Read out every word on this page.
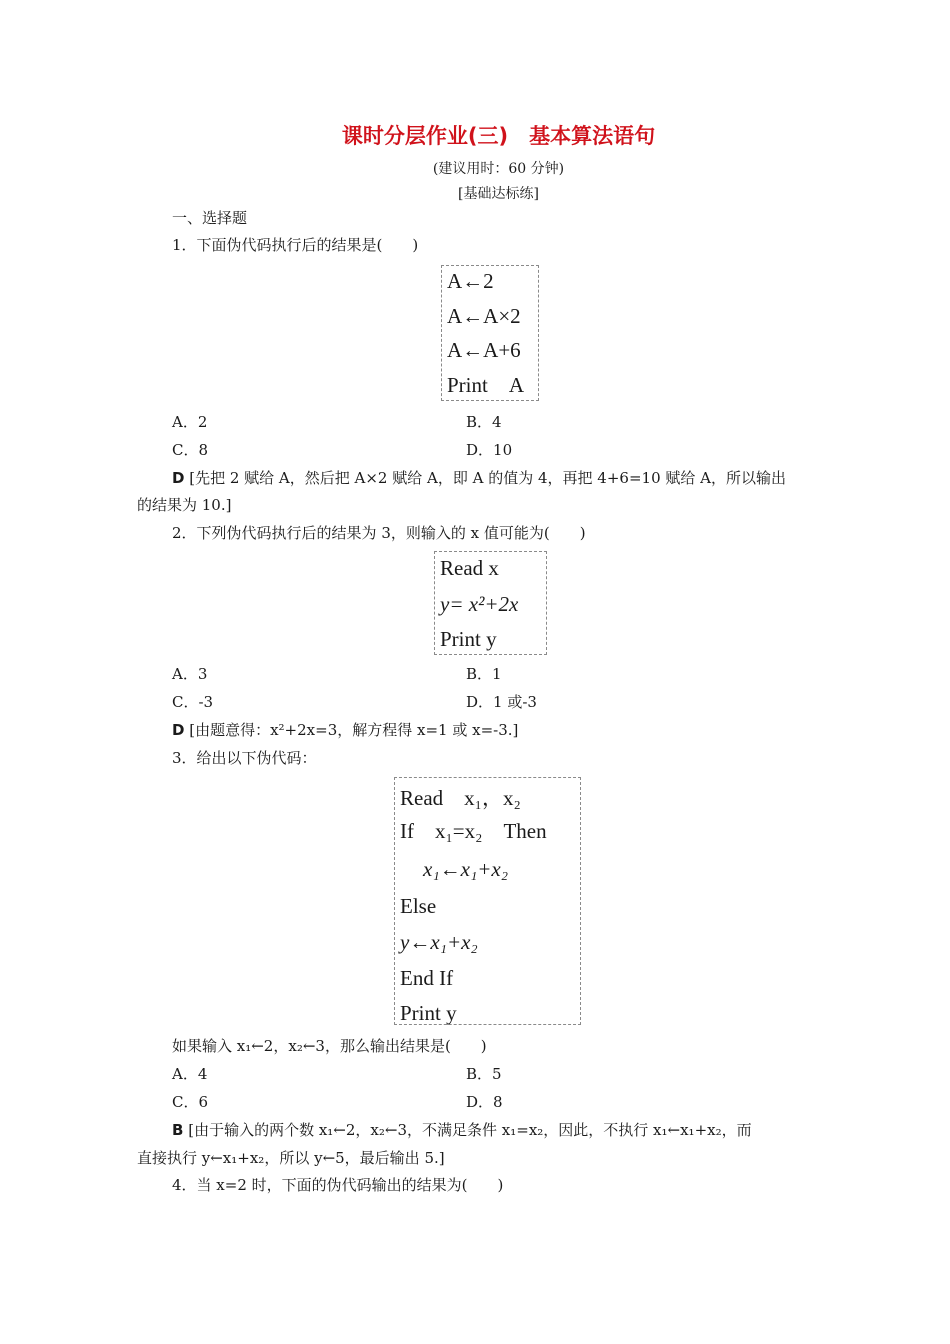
课时分层作业(三)　基本算法语句
(建议用时：60 分钟)
[基础达标练]
一、选择题
1．下面伪代码执行后的结果是(　　)
A←2
A←A×2
A←A+6
Print A
A．2	B．4
C．8	D．10
D [先把 2 赋给 A，然后把 A×2 赋给 A，即 A 的值为 4，再把 4+6=10 赋给 A，所以输出
的结果为 10.]
2．下列伪代码执行后的结果为 3，则输入的 x 值可能为(　　)
Read x
y= x²+2x
Print y
A．3	B．1
C．-3	D．1 或-3
D [由题意得：x²+2x=3，解方程得 x=1 或 x=-3.]
3．给出以下伪代码：
Read x₁，x₂
If x₁=x₂ Then
x₁←x₁+x₂
Else
y←x₁+x₂
End If
Print y
如果输入 x₁←2，x₂←3，那么输出结果是(　　)
A．4	B．5
C．6	D．8
B [由于输入的两个数 x₁←2，x₂←3，不满足条件 x₁=x₂，因此，不执行 x₁←x₁+x₂，而
直接执行 y←x₁+x₂，所以 y←5，最后输出 5.]
4．当 x=2 时，下面的伪代码输出的结果为(　　)
